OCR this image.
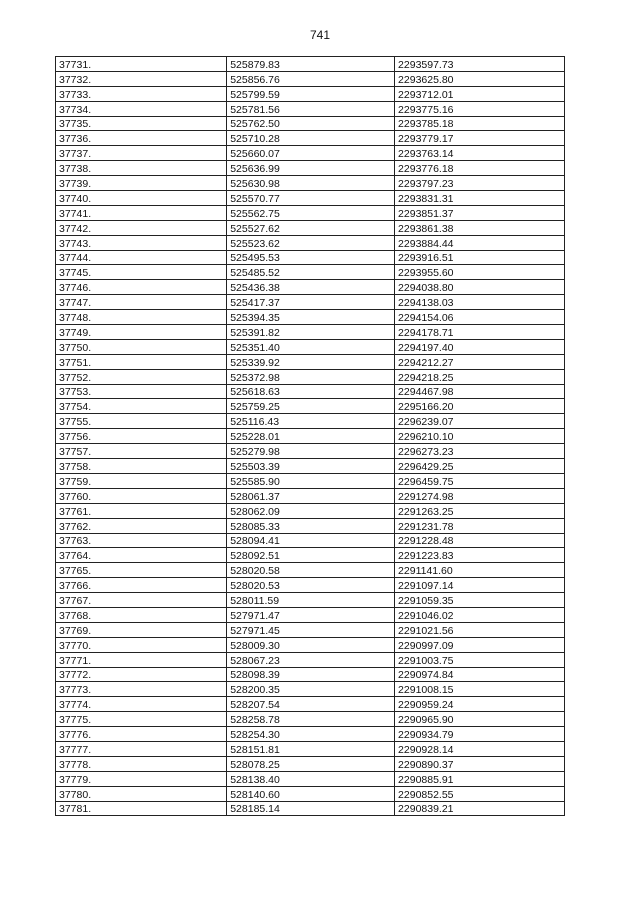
741
37731.	525879.83	2293597.73
37732.	525856.76	2293625.80
37733.	525799.59	2293712.01
37734.	525781.56	2293775.16
37735.	525762.50	2293785.18
37736.	525710.28	2293779.17
37737.	525660.07	2293763.14
37738.	525636.99	2293776.18
37739.	525630.98	2293797.23
37740.	525570.77	2293831.31
37741.	525562.75	2293851.37
37742.	525527.62	2293861.38
37743.	525523.62	2293884.44
37744.	525495.53	2293916.51
37745.	525485.52	2293955.60
37746.	525436.38	2294038.80
37747.	525417.37	2294138.03
37748.	525394.35	2294154.06
37749.	525391.82	2294178.71
37750.	525351.40	2294197.40
37751.	525339.92	2294212.27
37752.	525372.98	2294218.25
37753.	525618.63	2294467.98
37754.	525759.25	2295166.20
37755.	525116.43	2296239.07
37756.	525228.01	2296210.10
37757.	525279.98	2296273.23
37758.	525503.39	2296429.25
37759.	525585.90	2296459.75
37760.	528061.37	2291274.98
37761.	528062.09	2291263.25
37762.	528085.33	2291231.78
37763.	528094.41	2291228.48
37764.	528092.51	2291223.83
37765.	528020.58	2291141.60
37766.	528020.53	2291097.14
37767.	528011.59	2291059.35
37768.	527971.47	2291046.02
37769.	527971.45	2291021.56
37770.	528009.30	2290997.09
37771.	528067.23	2291003.75
37772.	528098.39	2290974.84
37773.	528200.35	2291008.15
37774.	528207.54	2290959.24
37775.	528258.78	2290965.90
37776.	528254.30	2290934.79
37777.	528151.81	2290928.14
37778.	528078.25	2290890.37
37779.	528138.40	2290885.91
37780.	528140.60	2290852.55
37781.	528185.14	2290839.21
